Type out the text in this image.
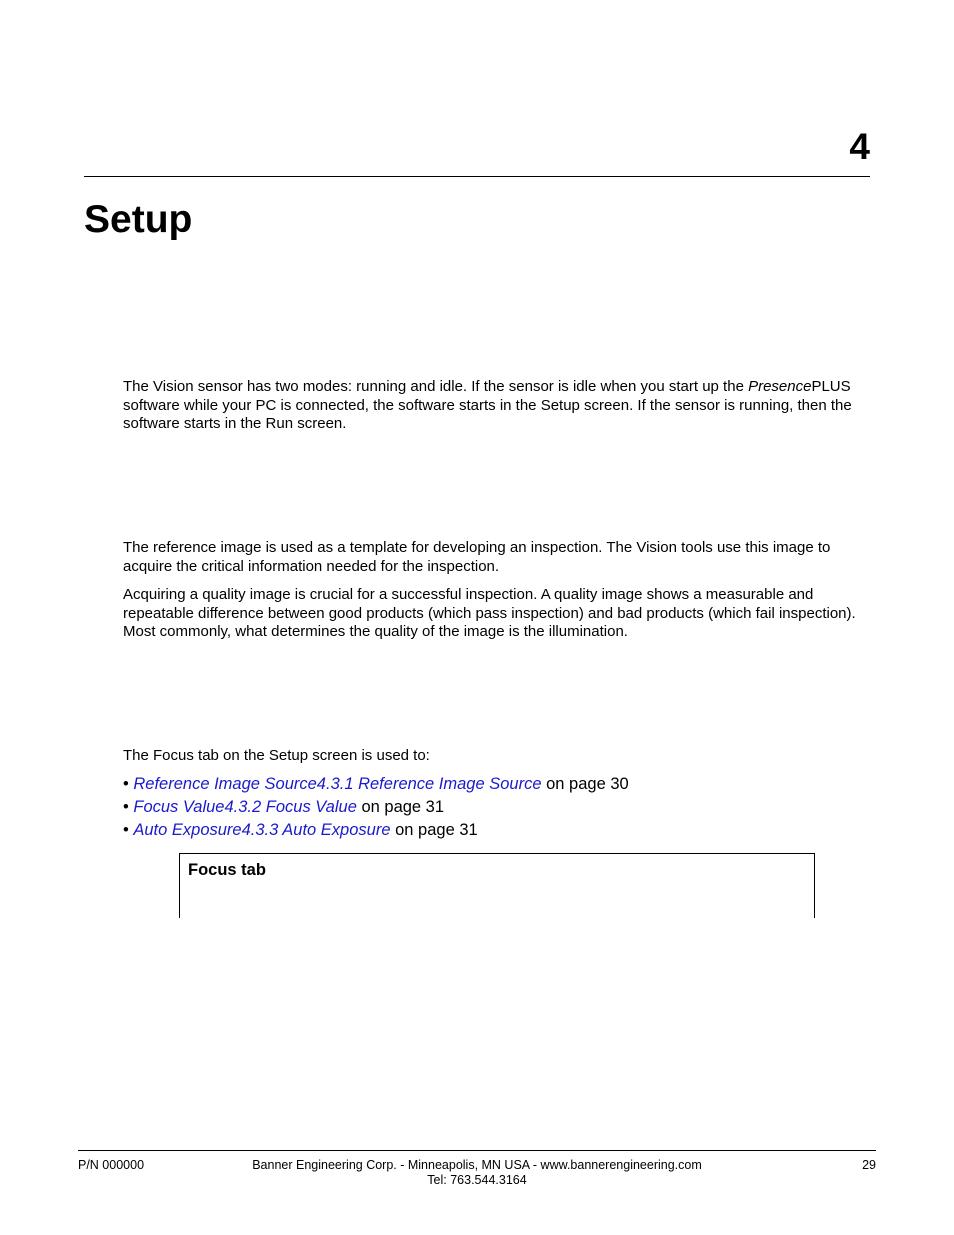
4
Setup

The Vision sensor has two modes: running and idle. If the sensor is idle when you start up the PresencePLUS software while your PC is connected, the software starts in the Setup screen. If the sensor is running, then the software starts in the Run screen.

The reference image is used as a template for developing an inspection. The Vision tools use this image to acquire the critical information needed for the inspection.

Acquiring a quality image is crucial for a successful inspection. A quality image shows a measurable and repeatable difference between good products (which pass inspection) and bad products (which fail inspection). Most commonly, what determines the quality of the image is the illumination.

The Focus tab on the Setup screen is used to:

• Reference Image Source4.3.1 Reference Image Source on page 30
• Focus Value4.3.2 Focus Value on page 31
• Auto Exposure4.3.3 Auto Exposure on page 31
Focus tab
P/N 000000	Banner Engineering Corp. - Minneapolis, MN USA - www.bannerengineering.com
Tel: 763.544.3164
29
